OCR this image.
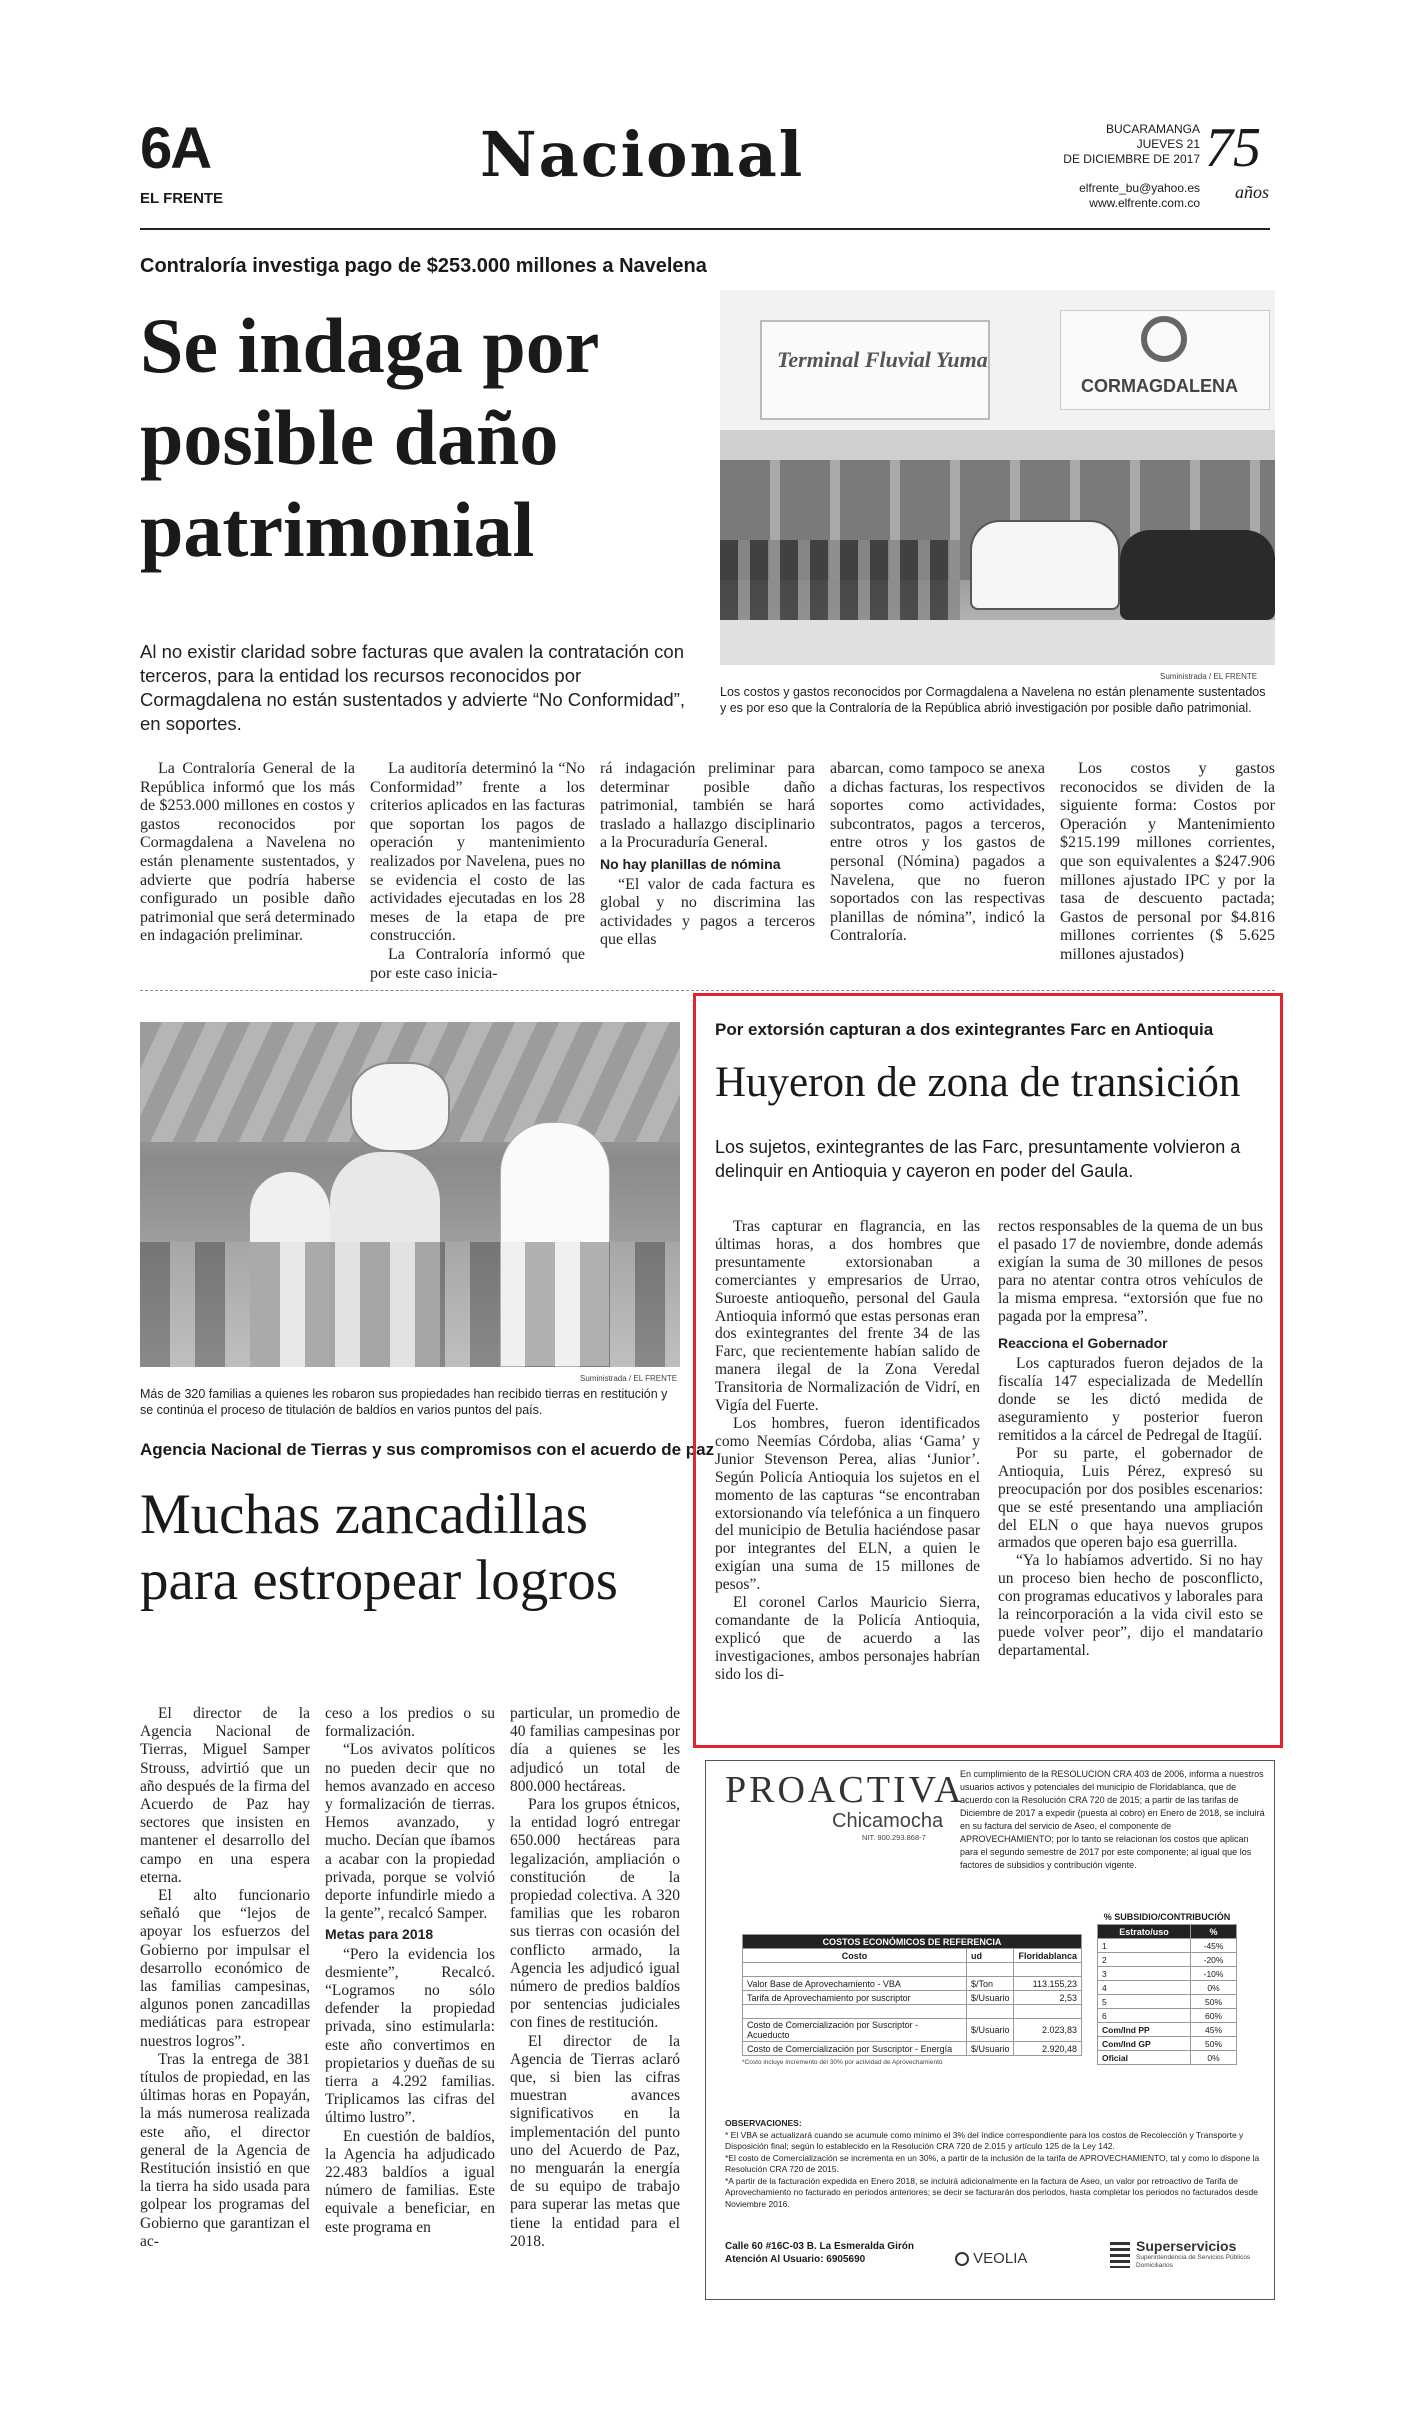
6A
EL FRENTE
Nacional	BUCARAMANGA
JUEVES 21
DE DICIEMBRE DE 2017
elfrente_bu@yahoo.es
www.elfrente.com.co
75
años
Contraloría investiga pago de $253.000 millones a Navelena
Se indaga por
posible daño
patrimonial
Al no existir claridad sobre facturas que avalen la contratación con terceros, para la entidad los recursos reconocidos por Cormagdalena no están sustentados y advierte “No Conformidad”, en soportes.
Terminal Fluvial Yuma
CORMAGDALENA
Suministrada / EL FRENTE
Los costos y gastos reconocidos por Cormagdalena a Navelena no están plenamente sustentados y es por eso que la Contraloría de la República abrió investigación por posible daño patrimonial.

La Contraloría General de la República informó que los más de $253.000 millones en costos y gastos reconocidos por Cormagdalena a Navelena no están plenamente sustentados, y advierte que podría haberse configurado un posible daño patrimonial que será determinado en indagación preliminar.

La auditoría determinó la “No Conformidad” frente a los criterios aplicados en las facturas que soportan los pagos de operación y mantenimiento realizados por Navelena, pues no se evidencia el costo de las actividades ejecutadas en los 28 meses de la etapa de pre construcción.

La Contraloría informó que por este caso inicia-

rá indagación preliminar para determinar posible daño patrimonial, también se hará traslado a hallazgo disciplinario a la Procuraduría General.

No hay planillas de nómina

“El valor de cada factura es global y no discrimina las actividades y pagos a terceros que ellas

abarcan, como tampoco se anexa a dichas facturas, los respectivos soportes como actividades, subcontratos, pagos a terceros, entre otros y los gastos de personal (Nómina) pagados a Navelena, que no fueron soportados con las respectivas planillas de nómina”, indicó la Contraloría.

Los costos y gastos reconocidos se dividen de la siguiente forma: Costos por Operación y Mantenimiento $215.199 millones corrientes, que son equivalentes a $247.906 millones ajustado IPC y por la tasa de descuento pactada; Gastos de personal por $4.816 millones corrientes ($ 5.625 millones ajustados)

Suministrada / EL FRENTE
Más de 320 familias a quienes les robaron sus propiedades han recibido tierras en restitución y se continúa el proceso de titulación de baldíos en varios puntos del país.
Agencia Nacional de Tierras y sus compromisos con el acuerdo de paz
Muchas zancadillas
para estropear logros

El director de la Agencia Nacional de Tierras, Miguel Samper Strouss, advirtió que un año después de la firma del Acuerdo de Paz hay sectores que insisten en mantener el desarrollo del campo en una espera eterna.

El alto funcionario señaló que “lejos de apoyar los esfuerzos del Gobierno por impulsar el desarrollo económico de las familias campesinas, algunos ponen zancadillas mediáticas para estropear nuestros logros”.

Tras la entrega de 381 títulos de propiedad, en las últimas horas en Popayán, la más numerosa realizada este año, el director general de la Agencia de Restitución insistió en que la tierra ha sido usada para golpear los programas del Gobierno que garantizan el ac-

ceso a los predios o su formalización.

“Los avivatos políticos no pueden decir que no hemos avanzado en acceso y formalización de tierras. Hemos avanzado, y mucho. Decían que íbamos a acabar con la propiedad privada, porque se volvió deporte infundirle miedo a la gente”, recalcó Samper.

Metas para 2018

“Pero la evidencia los desmiente”, Recalcó. “Logramos no sólo defender la propiedad privada, sino estimularla: este año convertimos en propietarios y dueñas de su tierra a 4.292 familias. Triplicamos las cifras del último lustro”.

En cuestión de baldíos, la Agencia ha adjudicado 22.483 baldíos a igual número de familias. Este equivale a beneficiar, en este programa en

particular, un promedio de 40 familias campesinas por día a quienes se les adjudicó un total de 800.000 hectáreas.

Para los grupos étnicos, la entidad logró entregar 650.000 hectáreas para legalización, ampliación o constitución de la propiedad colectiva. A 320 familias que les robaron sus tierras con ocasión del conflicto armado, la Agencia les adjudicó igual número de predios baldíos por sentencias judiciales con fines de restitución.

El director de la Agencia de Tierras aclaró que, si bien las cifras muestran avances significativos en la implementación del punto uno del Acuerdo de Paz, no menguarán la energía de su equipo de trabajo para superar las metas que tiene la entidad para el 2018.

Por extorsión capturan a dos exintegrantes Farc en Antioquia
Huyeron de zona de transición
Los sujetos, exintegrantes de las Farc, presuntamente volvieron a delinquir en Antioquia y cayeron en poder del Gaula.

Tras capturar en flagrancia, en las últimas horas, a dos hombres que presuntamente extorsionaban a comerciantes y empresarios de Urrao, Suroeste antioqueño, personal del Gaula Antioquia informó que estas personas eran dos exintegrantes del frente 34 de las Farc, que recientemente habían salido de manera ilegal de la Zona Veredal Transitoria de Normalización de Vidrí, en Vigía del Fuerte.

Los hombres, fueron identificados como Neemías Córdoba, alias ‘Gama’ y Junior Stevenson Perea, alias ‘Junior’. Según Policía Antioquia los sujetos en el momento de las capturas “se encontraban extorsionando vía telefónica a un finquero del municipio de Betulia haciéndose pasar por integrantes del ELN, a quien le exigían una suma de 15 millones de pesos”.

El coronel Carlos Mauricio Sierra, comandante de la Policía Antioquia, explicó que de acuerdo a las investigaciones, ambos personajes habrían sido los di-

rectos responsables de la quema de un bus el pasado 17 de noviembre, donde además exigían la suma de 30 millones de pesos para no atentar contra otros vehículos de la misma empresa. “extorsión que fue no pagada por la empresa”.

Reacciona el Gobernador

Los capturados fueron dejados de la fiscalía 147 especializada de Medellín donde se les dictó medida de aseguramiento y posterior fueron remitidos a la cárcel de Pedregal de Itagüí.

Por su parte, el gobernador de Antioquia, Luis Pérez, expresó su preocupación por dos posibles escenarios: que se esté presentando una ampliación del ELN o que haya nuevos grupos armados que operen bajo esa guerrilla.

“Ya lo habíamos advertido. Si no hay un proceso bien hecho de posconflicto, con programas educativos y laborales para la reincorporación a la vida civil esto se puede volver peor”, dijo el mandatario departamental.

PROACTIVA
Chicamocha
NIT. 900.293.868-7
En cumplimiento de la RESOLUCION CRA 403 de 2006, informa a nuestros usuarios activos y potenciales del municipio de Floridablanca, que de acuerdo con la Resolución CRA 720 de 2015; a partir de las tarifas de Diciembre de 2017 a expedir (puesta al cobro) en Enero de 2018, se incluirá en su factura del servicio de Aseo, el componente de APROVECHAMIENTO; por lo tanto se relacionan los costos que aplican para el segundo semestre de 2017 por este componente; al igual que los factores de subsidios y contribución vigente.
COSTOS ECONÓMICOS DE REFERENCIA		
Costo	ud	Floridablanca

Valor Base de Aprovechamiento - VBA	$/Ton	113.155,23
Tarifa de Aprovechamiento por suscriptor	$/Usuario	2,53

Costo de Comercialización por Suscriptor - Acueducto	$/Usuario	2.023,83
Costo de Comercialización por Suscriptor - Energía	$/Usuario	2.920,48
*Costo incluye incremento del 30% por actividad de Aprovechamiento
% SUBSIDIO/CONTRIBUCIÓN
Estrato/uso	%
1	-45%
2	-20%
3	-10%
4	0%
5	50%
6	60%
Com/Ind PP	45%
Com/Ind GP	50%
Oficial	0%
OBSERVACIONES:
* El VBA se actualizará cuando se acumule como mínimo el 3% del índice correspondiente para los costos de Recolección y Transporte y Disposición final; según lo establecido en la Resolución CRA 720 de 2.015 y artículo 125 de la Ley 142.
*El costo de Comercialización se incrementa en un 30%, a partir de la inclusión de la tarifa de APROVECHAMIENTO, tal y como lo dispone la Resolución CRA 720 de 2015.
*A partir de la facturación expedida en Enero 2018, se incluirá adicionalmente en la factura de Aseo, un valor por retroactivo de Tarifa de Aprovechamiento no facturado en periodos anteriores; se decir se facturarán dos periodos, hasta completar los periodos no facturados desde Noviembre 2016.
Calle 60 #16C-03 B. La Esmeralda Girón
Atención Al Usuario: 6905690	VEOLIA
Superservicios
Superintendencia de Servicios Públicos Domiciliarios
